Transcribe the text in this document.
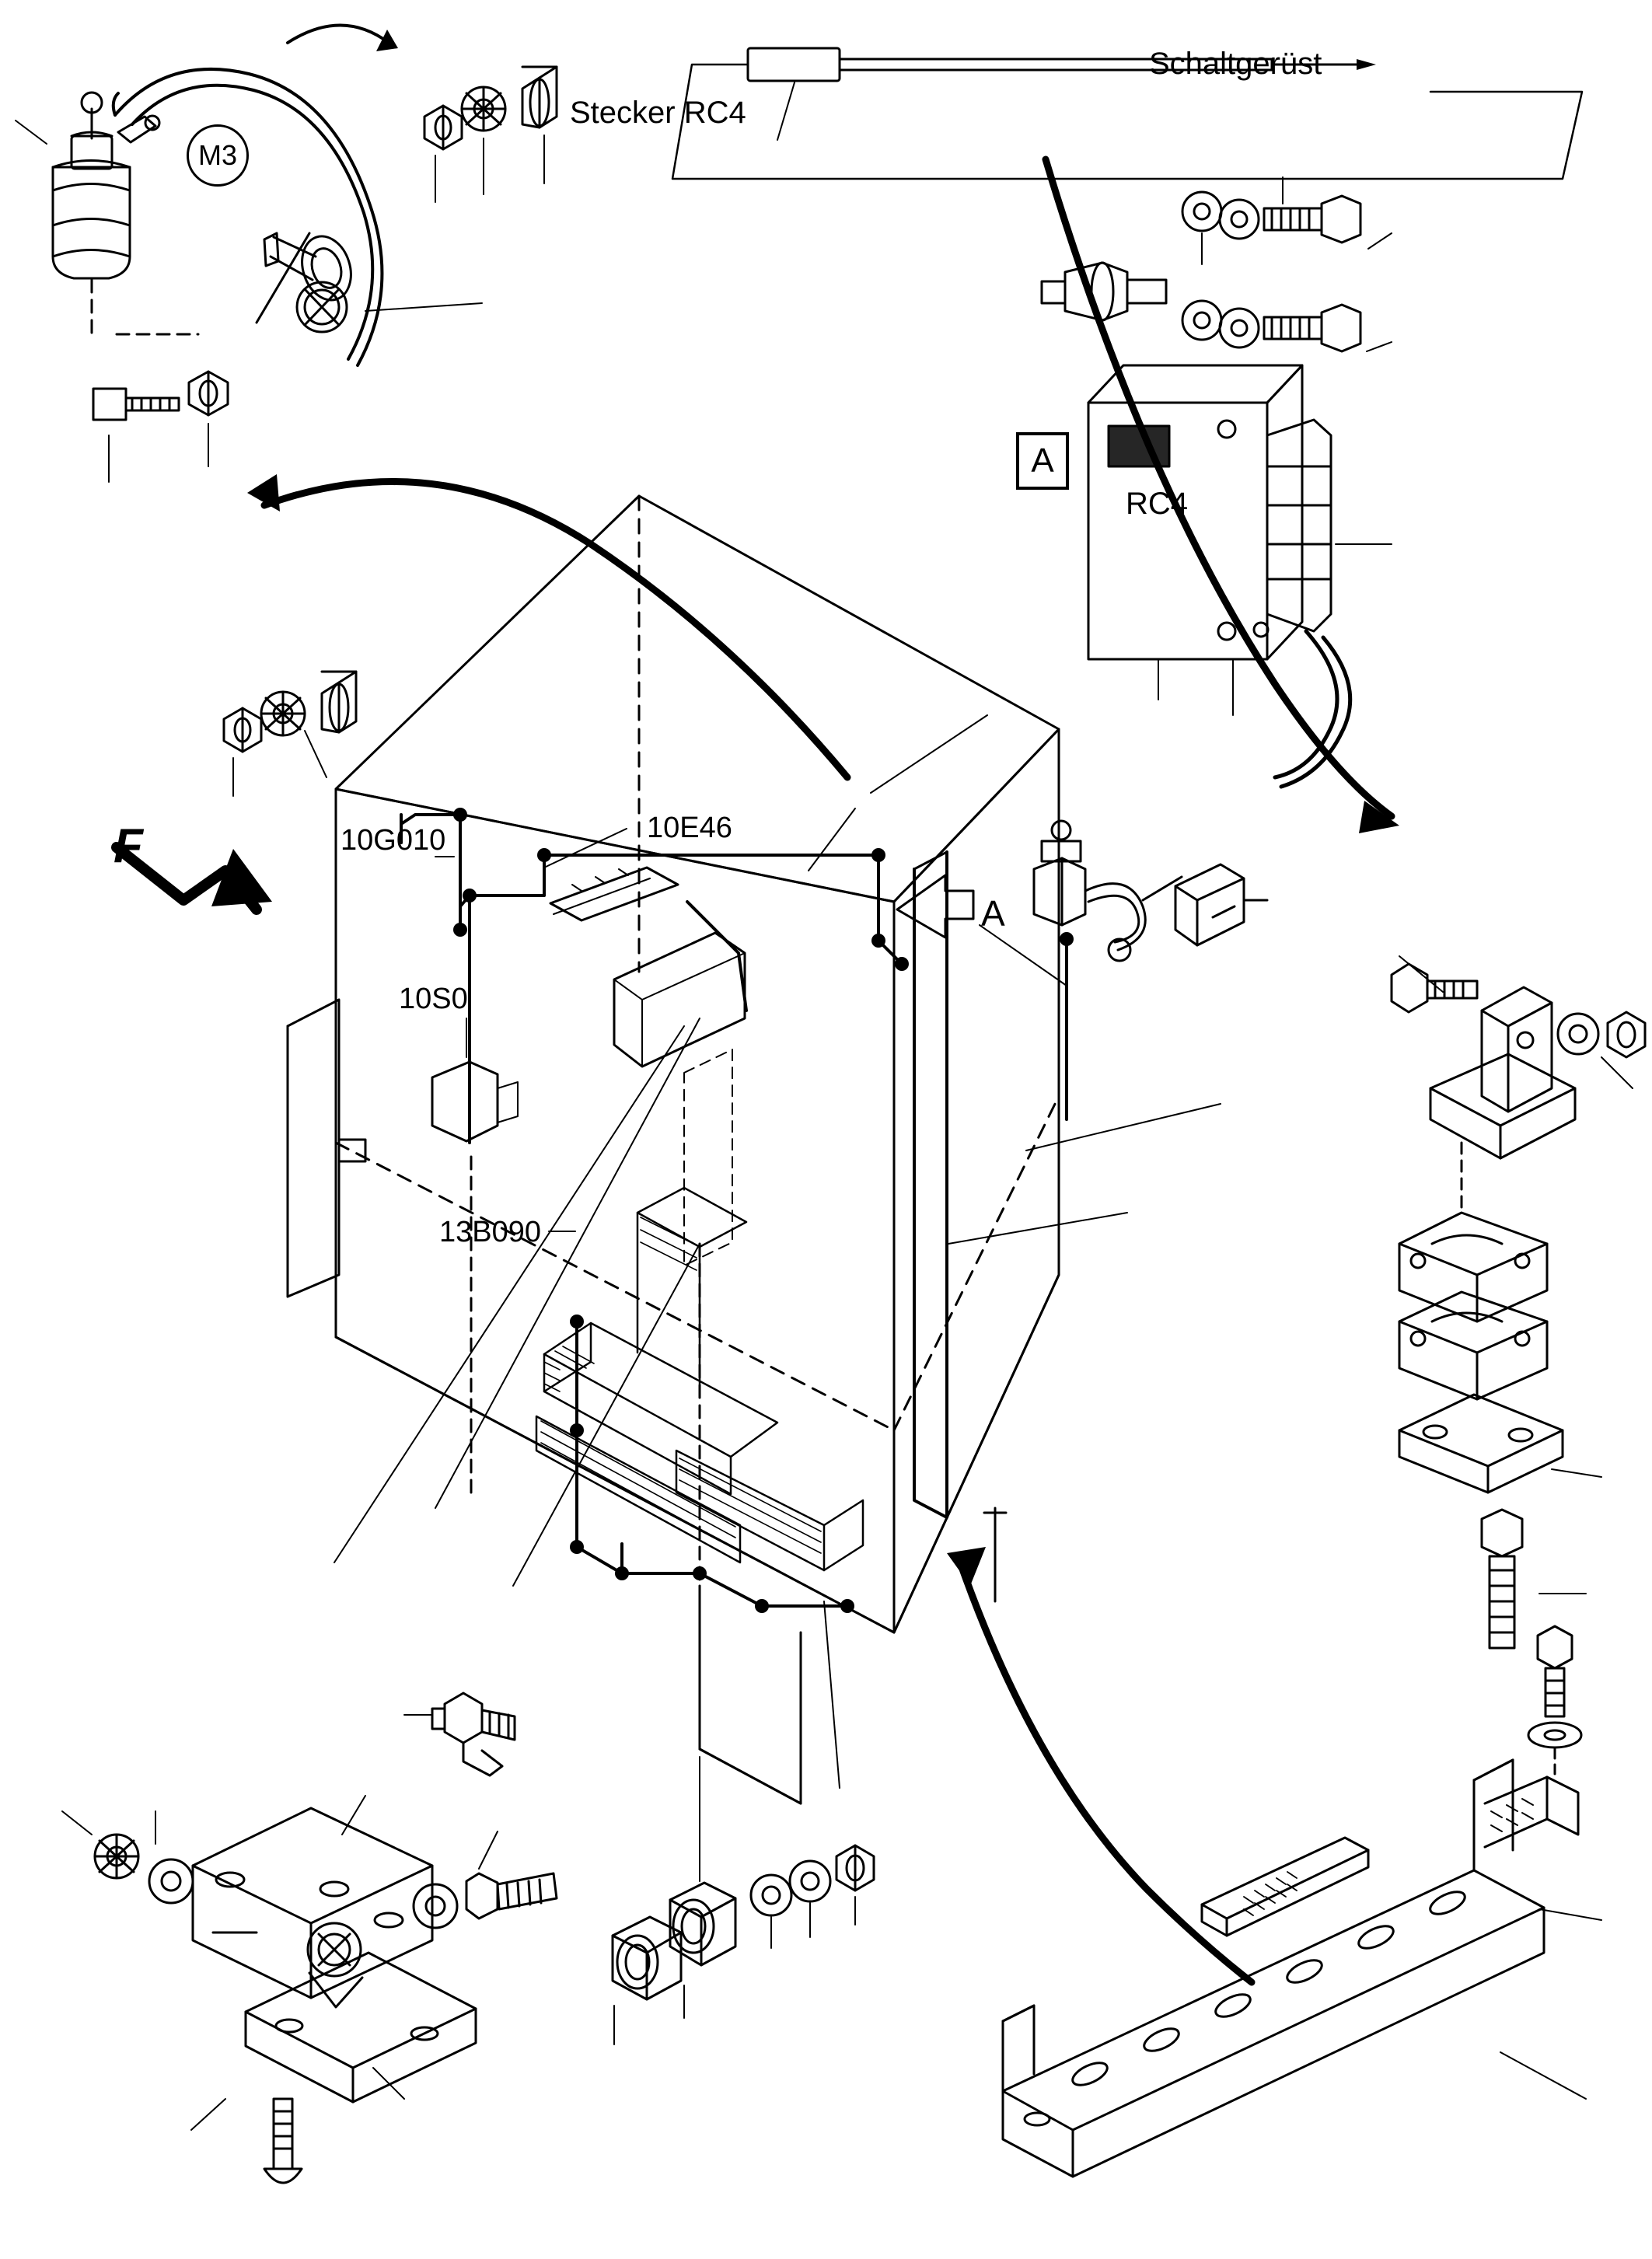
Schaltgerüst
Stecker RC4
RC4
A
10G010	10E46
10S0
13B090
F
M3
A
